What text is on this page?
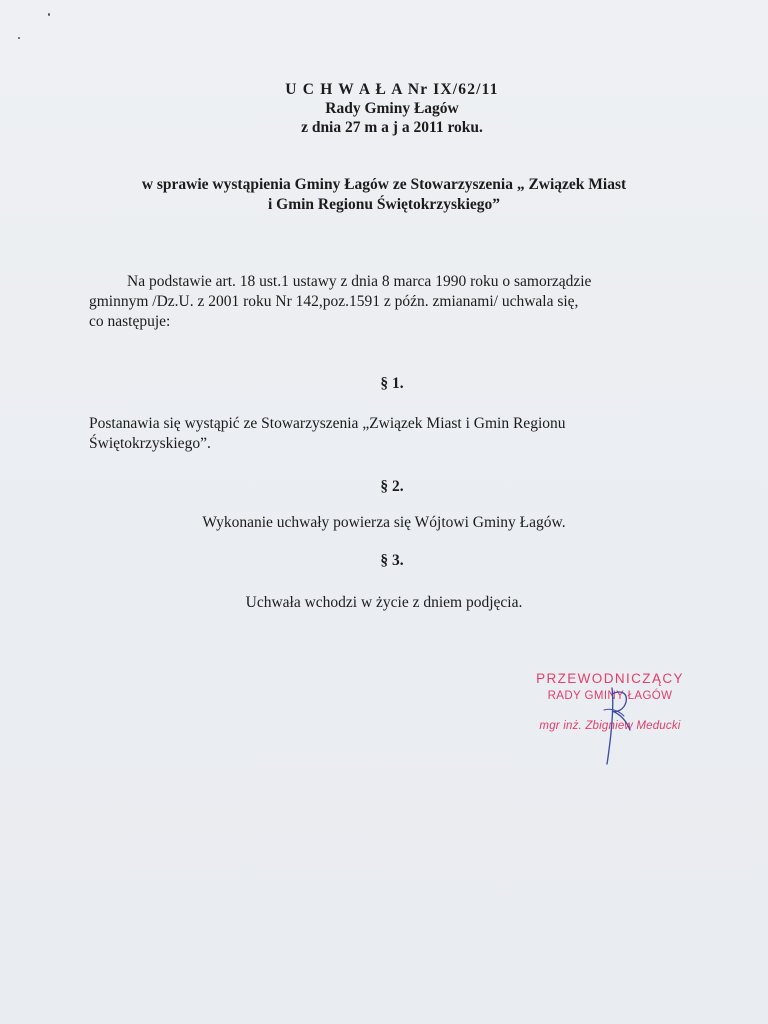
U C H W A Ł A Nr IX/62/11
Rady Gminy Łagów
z dnia 27 m a j a 2011 roku.
w sprawie wystąpienia Gminy Łagów ze Stowarzyszenia „ Związek Miast
i Gmin Regionu Świętokrzyskiego”
Na podstawie art. 18 ust.1 ustawy z dnia 8 marca 1990 roku o samorządzie
gminnym /Dz.U. z 2001 roku Nr 142,poz.1591 z późn. zmianami/ uchwala się,
co następuje:
§ 1.
Postanawia się wystąpić ze Stowarzyszenia „Związek Miast i Gmin Regionu
Świętokrzyskiego”.
§ 2.
Wykonanie uchwały powierza się Wójtowi Gminy Łagów.
§ 3.
Uchwała wchodzi w życie z dniem podjęcia.
PRZEWODNICZĄCY
RADY GMINY ŁAGÓW
mgr inż. Zbigniew Meducki
